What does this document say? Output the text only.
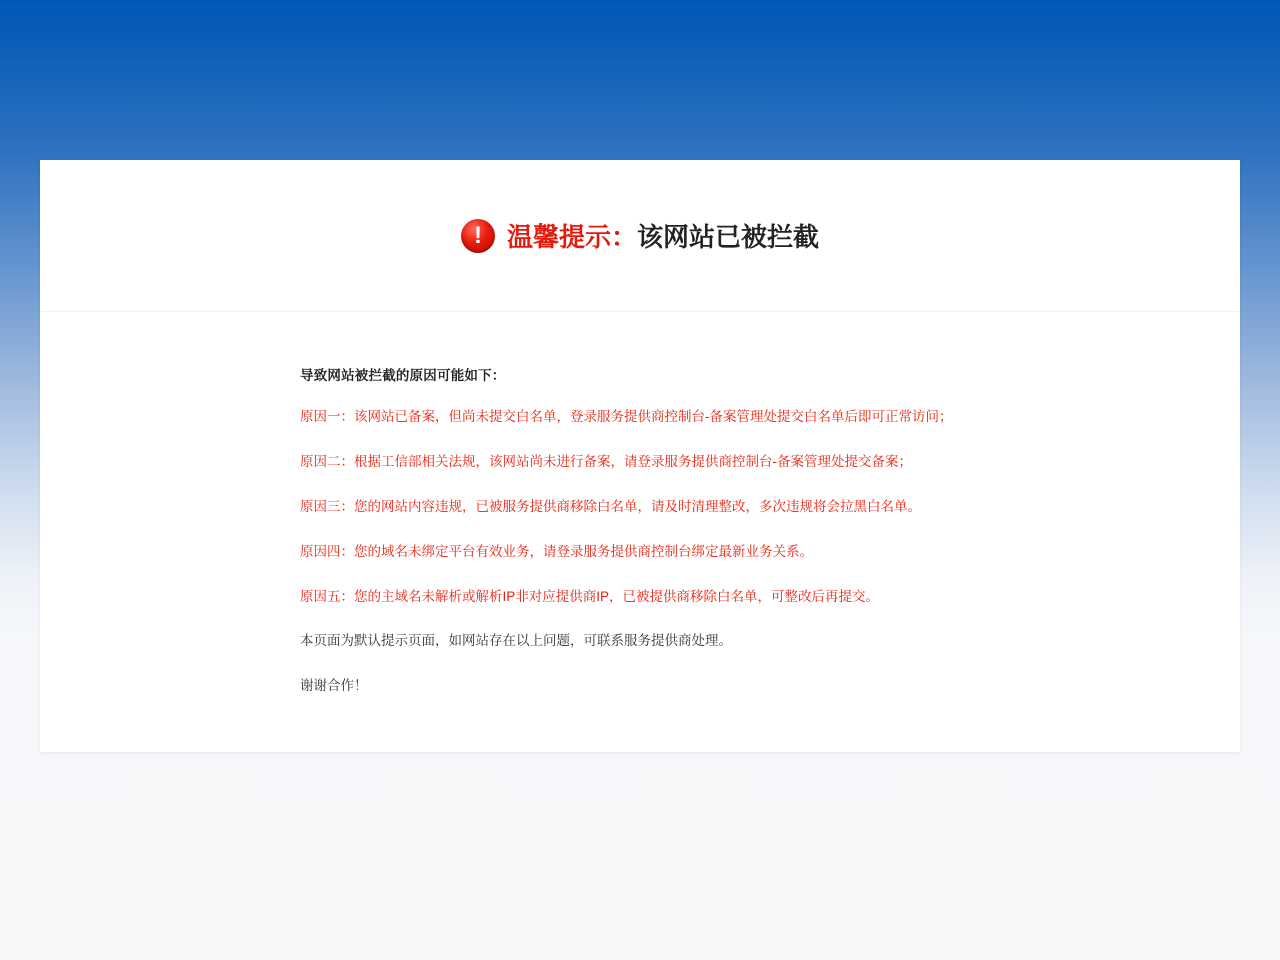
! 温馨提示：该网站已被拦截

导致网站被拦截的原因可能如下：

原因一：该网站已备案，但尚未提交白名单，登录服务提供商控制台-备案管理处提交白名单后即可正常访问；

原因二：根据工信部相关法规，该网站尚未进行备案，请登录服务提供商控制台-备案管理处提交备案；

原因三：您的网站内容违规，已被服务提供商移除白名单，请及时清理整改，多次违规将会拉黑白名单。

原因四：您的域名未绑定平台有效业务，请登录服务提供商控制台绑定最新业务关系。

原因五：您的主域名未解析或解析IP非对应提供商IP，已被提供商移除白名单，可整改后再提交。

本页面为默认提示页面，如网站存在以上问题，可联系服务提供商处理。

谢谢合作！
